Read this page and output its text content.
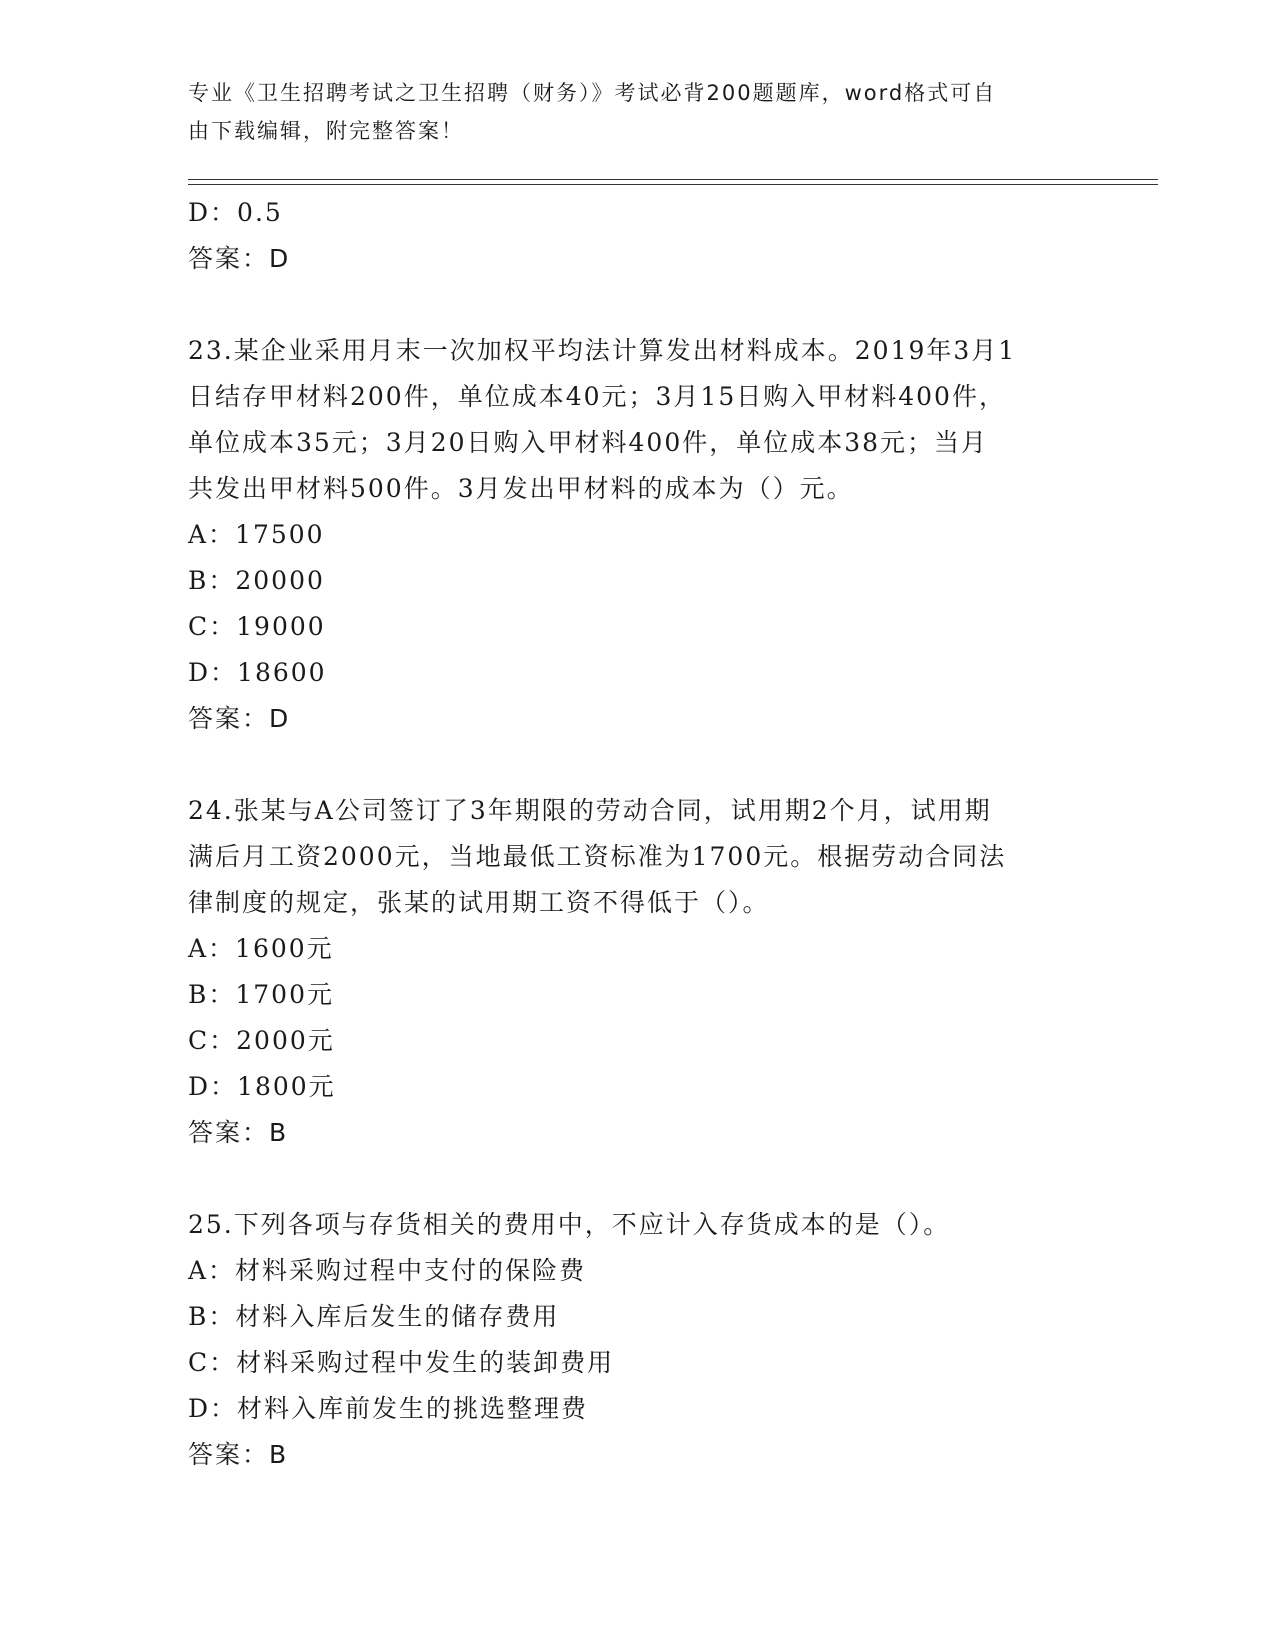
专业《卫生招聘考试之卫生招聘（财务）》考试必背200题题库，word格式可自
由下载编辑，附完整答案！
D：0.5
答案：D
23.某企业采用月末一次加权平均法计算发出材料成本。2019年3月1
日结存甲材料200件，单位成本40元；3月15日购入甲材料400件，
单位成本35元；3月20日购入甲材料400件，单位成本38元；当月
共发出甲材料500件。3月发出甲材料的成本为（）元。
A：17500
B：20000
C：19000
D：18600
答案：D
24.张某与A公司签订了3年期限的劳动合同，试用期2个月，试用期
满后月工资2000元，当地最低工资标准为1700元。根据劳动合同法
律制度的规定，张某的试用期工资不得低于（）。
A：1600元
B：1700元
C：2000元
D：1800元
答案：B
25.下列各项与存货相关的费用中，不应计入存货成本的是（）。
A：材料采购过程中支付的保险费
B：材料入库后发生的储存费用
C：材料采购过程中发生的装卸费用
D：材料入库前发生的挑选整理费
答案：B
